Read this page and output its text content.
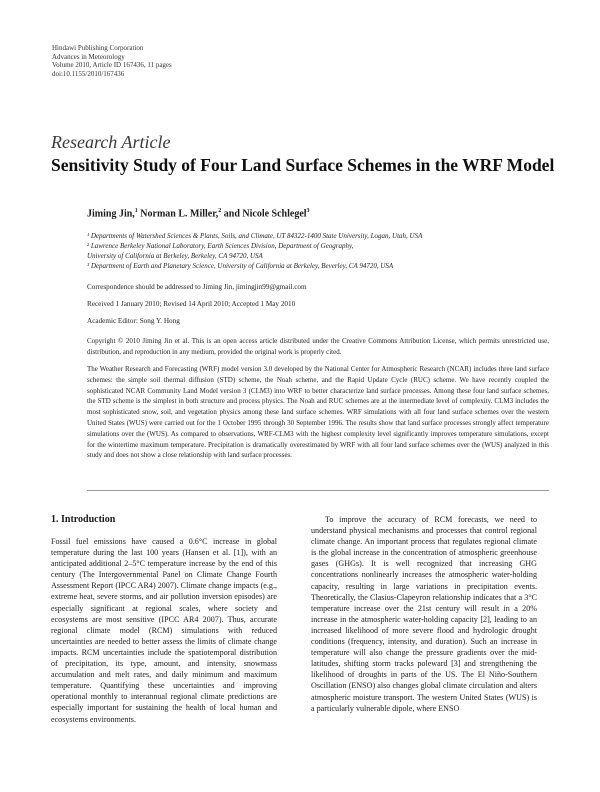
Hindawi Publishing Corporation
Advances in Meteorology
Volume 2010, Article ID 167436, 11 pages
doi:10.1155/2010/167436
Research Article
Sensitivity Study of Four Land Surface Schemes in the WRF Model
Jiming Jin,$^1$ Norman L. Miller,$^2$ and Nicole Schlegel$^3$
¹ Departments of Watershed Sciences & Plants, Soils, and Climate, UT 84322-1400 State University, Logan, Utah, USA
² Lawrence Berkeley National Laboratory, Earth Sciences Division, Department of Geography,
University of California at Berkeley, Berkeley, CA 94720, USA
³ Department of Earth and Planetary Science, University of California at Berkeley, Beverley, CA 94720, USA
Correspondence should be addressed to Jiming Jin, jimingjin99@gmail.com
Received 1 January 2010; Revised 14 April 2010; Accepted 1 May 2010
Academic Editor: Song Y. Hong
Copyright © 2010 Jiming Jin et al. This is an open access article distributed under the Creative Commons Attribution License, which permits unrestricted use, distribution, and reproduction in any medium, provided the original work is properly cited.
The Weather Research and Forecasting (WRF) model version 3.0 developed by the National Center for Atmospheric Research (NCAR) includes three land surface schemes: the simple soil thermal diffusion (STD) scheme, the Noah scheme, and the Rapid Update Cycle (RUC) scheme. We have recently coupled the sophisticated NCAR Community Land Model version 3 (CLM3) into WRF to better characterize land surface processes. Among these four land surface schemes, the STD scheme is the simplest in both structure and process physics. The Noah and RUC schemes are at the intermediate level of complexity. CLM3 includes the most sophisticated snow, soil, and vegetation physics among these land surface schemes. WRF simulations with all four land surface schemes over the western United States (WUS) were carried out for the 1 October 1995 through 30 September 1996. The results show that land surface processes strongly affect temperature simulations over the (WUS). As compared to observations, WRF-CLM3 with the highest complexity level significantly improves temperature simulations, except for the wintertime maximum temperature. Precipitation is dramatically overestimated by WRF with all four land surface schemes over the (WUS) analyzed in this study and does not show a close relationship with land surface processes.
1. Introduction

Fossil fuel emissions have caused a 0.6°C increase in global temperature during the last 100 years (Hansen et al. [1]), with an anticipated additional 2–5°C temperature increase by the end of this century (The Intergovernmental Panel on Climate Change Fourth Assessment Report (IPCC AR4) 2007). Climate change impacts (e.g., extreme heat, severe storms, and air pollution inversion episodes) are especially significant at regional scales, where society and ecosystems are most sensitive (IPCC AR4 2007). Thus, accurate regional climate model (RCM) simulations with reduced uncertainties are needed to better assess the limits of climate change impacts. RCM uncertainties include the spatiotemporal distribution of precipitation, its type, amount, and intensity, snowmass accumulation and melt rates, and daily minimum and maximum temperature. Quantifying these uncertainties and improving operational monthly to interannual regional climate predictions are especially important for sustaining the health of local human and ecosystems environments.

To improve the accuracy of RCM forecasts, we need to understand physical mechanisms and processes that control regional climate change. An important process that regulates regional climate is the global increase in the concentration of atmospheric greenhouse gases (GHGs). It is well recognized that increasing GHG concentrations nonlinearly increases the atmospheric water-holding capacity, resulting in large variations in precipitation events. Theoretically, the Clasius-Clapeyron relationship indicates that a 3°C temperature increase over the 21st century will result in a 20% increase in the atmospheric water-holding capacity [2], leading to an increased likelihood of more severe flood and hydrologic drought conditions (frequency, intensity, and duration). Such an increase in temperature will also change the pressure gradients over the mid-latitudes, shifting storm tracks poleward [3] and strengthening the likelihood of droughts in parts of the US. The El Niño-Southern Oscillation (ENSO) also changes global climate circulation and alters atmospheric moisture transport. The western United States (WUS) is a particularly vulnerable dipole, where ENSO
